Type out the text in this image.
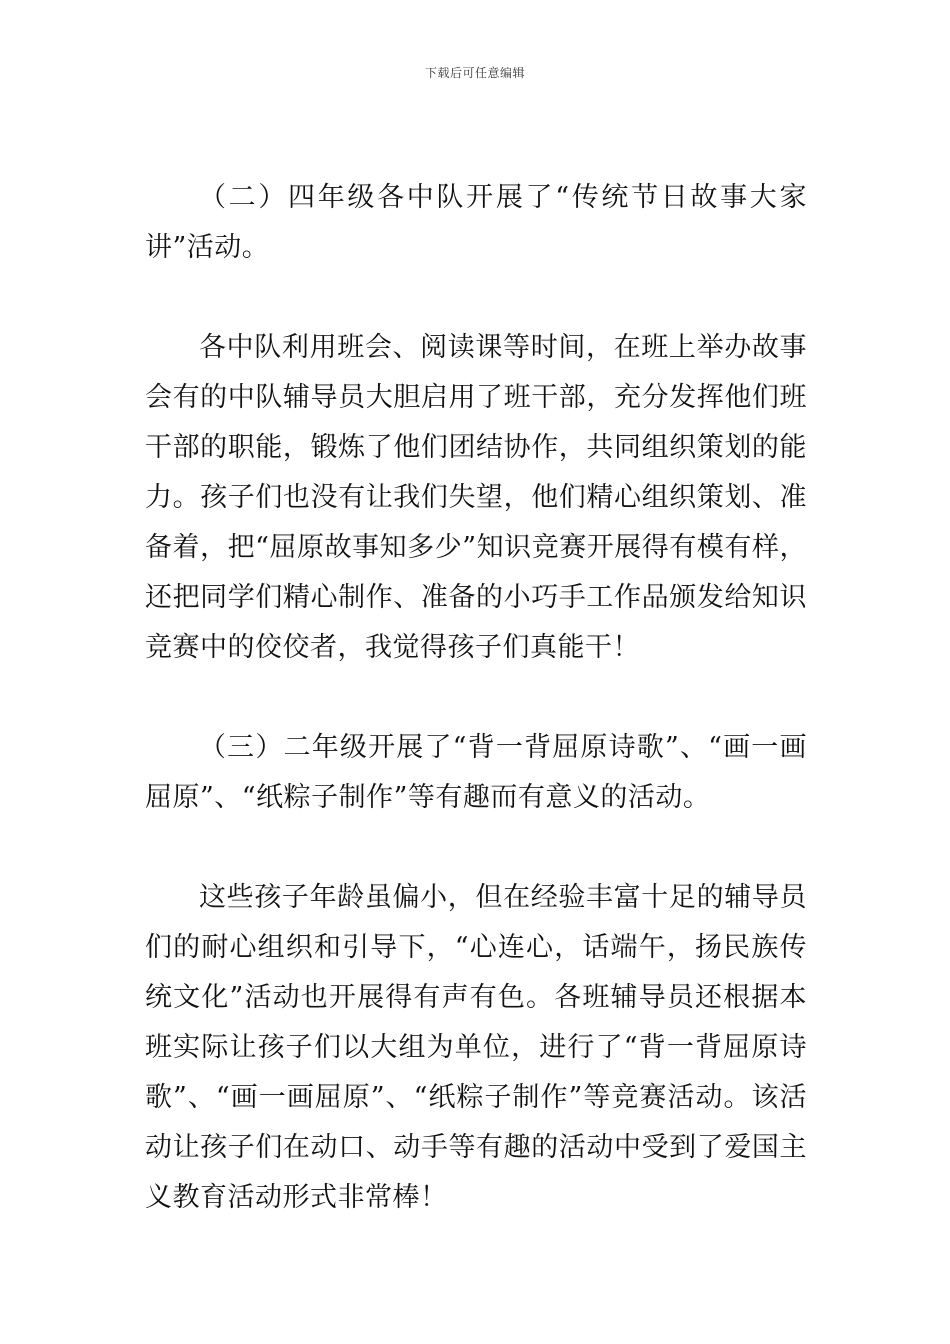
下载后可任意编辑

（二）四年级各中队开展了“传统节日故事大家讲”活动。

各中队利用班会、阅读课等时间，在班上举办故事会有的中队辅导员大胆启用了班干部，充分发挥他们班干部的职能，锻炼了他们团结协作，共同组织策划的能力。孩子们也没有让我们失望，他们精心组织策划、准备着，把“屈原故事知多少”知识竞赛开展得有模有样，还把同学们精心制作、准备的小巧手工作品颁发给知识竞赛中的佼佼者，我觉得孩子们真能干！

（三）二年级开展了“背一背屈原诗歌”、“画一画屈原”、“纸粽子制作”等有趣而有意义的活动。

这些孩子年龄虽偏小，但在经验丰富十足的辅导员们的耐心组织和引导下，“心连心，话端午，扬民族传统文化”活动也开展得有声有色。各班辅导员还根据本班实际让孩子们以大组为单位，进行了“背一背屈原诗歌”、“画一画屈原”、“纸粽子制作”等竞赛活动。该活动让孩子们在动口、动手等有趣的活动中受到了爱国主义教育活动形式非常棒！
